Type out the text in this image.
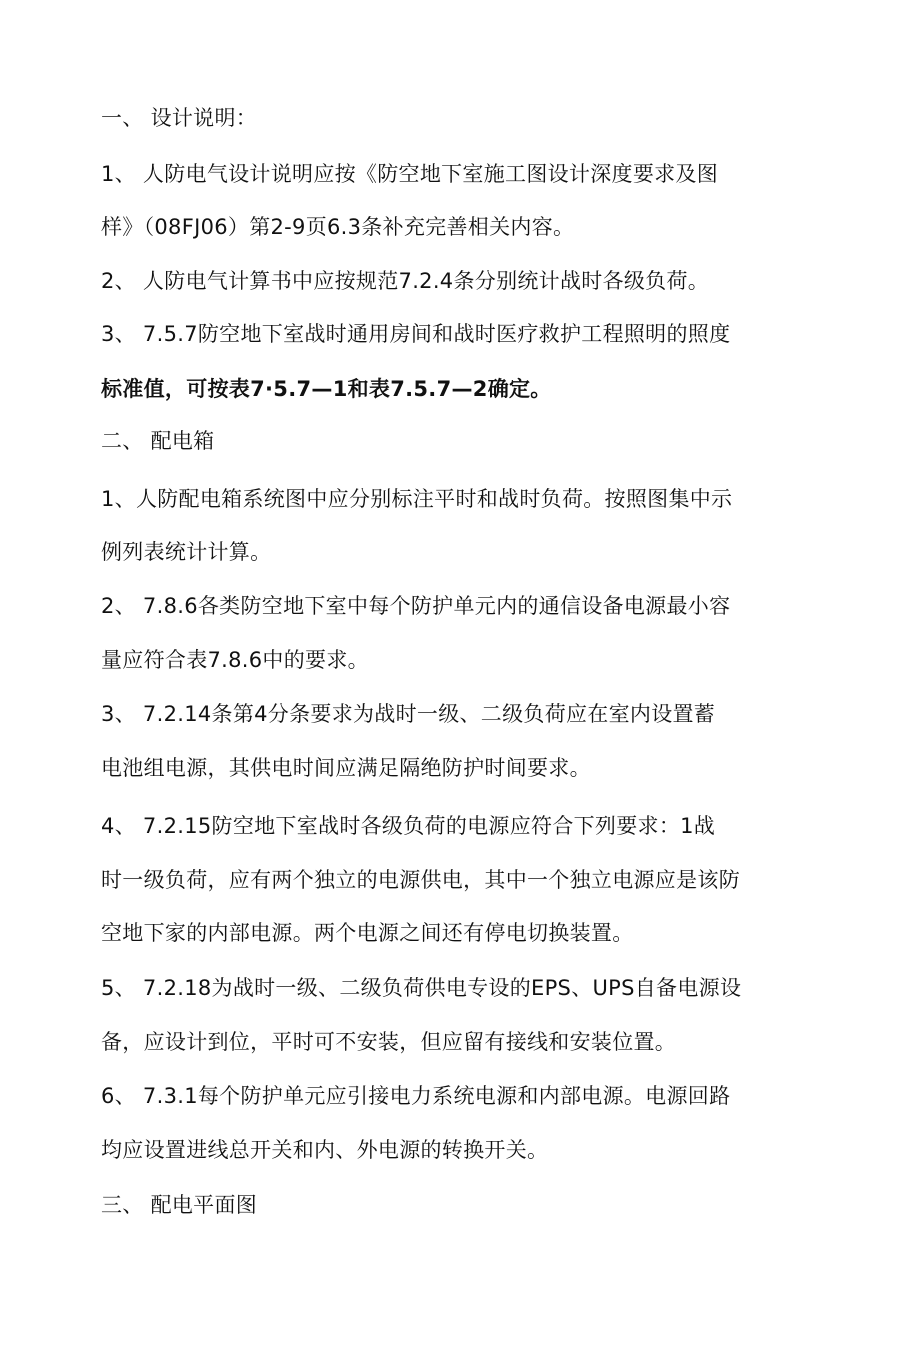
一、 设计说明：
1、 人防电气设计说明应按《防空地下室施工图设计深度要求及图
样》（08FJ06）第2-9页6.3条补充完善相关内容。
2、 人防电气计算书中应按规范7.2.4条分别统计战时各级负荷。
3、 7.5.7防空地下室战时通用房间和战时医疗救护工程照明的照度
标准值，可按表7·5.7—1和表7.5.7—2确定。
二、 配电箱
1、人防配电箱系统图中应分别标注平时和战时负荷。按照图集中示
例列表统计计算。
2、 7.8.6各类防空地下室中每个防护单元内的通信设备电源最小容
量应符合表7.8.6中的要求。
3、 7.2.14条第4分条要求为战时一级、二级负荷应在室内设置蓄
电池组电源，其供电时间应满足隔绝防护时间要求。
4、 7.2.15防空地下室战时各级负荷的电源应符合下列要求：1战
时一级负荷，应有两个独立的电源供电，其中一个独立电源应是该防
空地下家的内部电源。两个电源之间还有停电切换装置。
5、 7.2.18为战时一级、二级负荷供电专设的EPS、UPS自备电源设
备，应设计到位，平时可不安装，但应留有接线和安装位置。
6、 7.3.1每个防护单元应引接电力系统电源和内部电源。电源回路
均应设置进线总开关和内、外电源的转换开关。
三、 配电平面图
